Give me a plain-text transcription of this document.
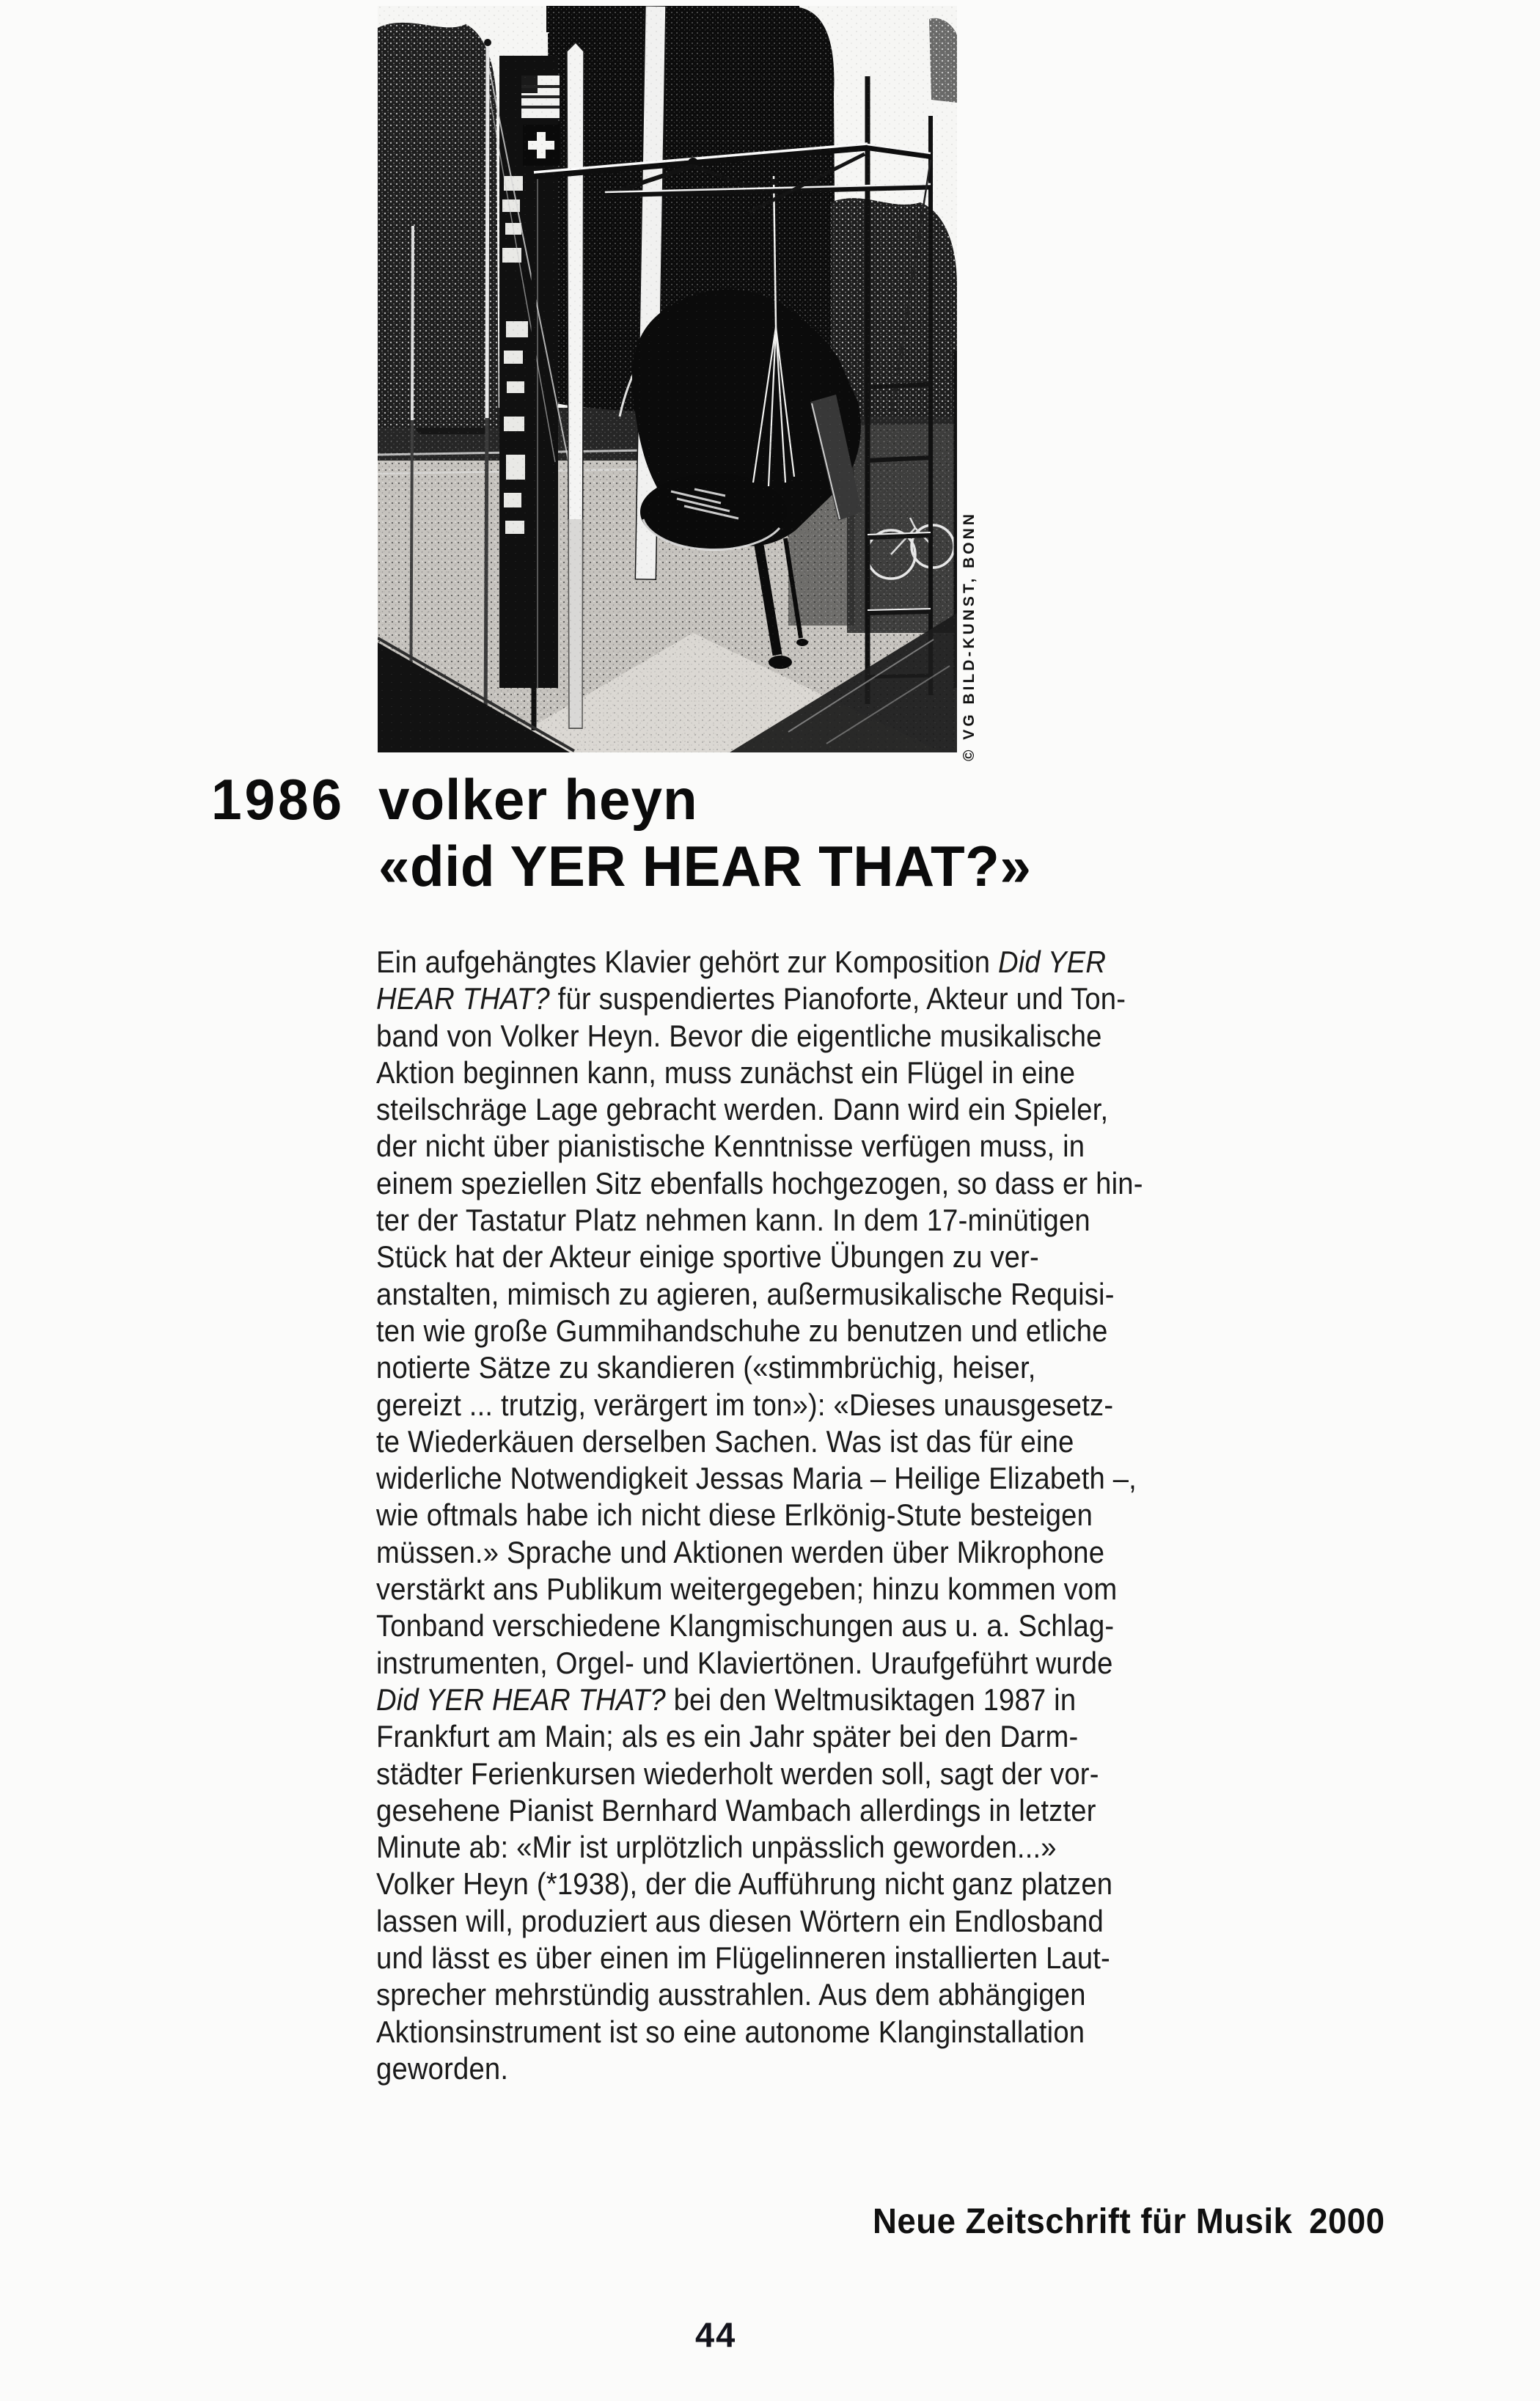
© VG BILD-KUNST, BONN
1986 volker heyn
«did YER HEAR THAT?»
Ein aufgehängtes Klavier gehört zur Komposition Did YER
HEAR THAT? für suspendiertes Pianoforte, Akteur und Ton-
band von Volker Heyn. Bevor die eigentliche musikalische
Aktion beginnen kann, muss zunächst ein Flügel in eine
steilschräge Lage gebracht werden. Dann wird ein Spieler,
der nicht über pianistische Kenntnisse verfügen muss, in
einem speziellen Sitz ebenfalls hochgezogen, so dass er hin-
ter der Tastatur Platz nehmen kann. In dem 17-minütigen
Stück hat der Akteur einige sportive Übungen zu ver-
anstalten, mimisch zu agieren, außermusikalische Requisi-
ten wie große Gummihandschuhe zu benutzen und etliche
notierte Sätze zu skandieren («stimmbrüchig, heiser,
gereizt ... trutzig, verärgert im ton»): «Dieses unausgesetz-
te Wiederkäuen derselben Sachen. Was ist das für eine
widerliche Notwendigkeit Jessas Maria – Heilige Elizabeth –,
wie oftmals habe ich nicht diese Erlkönig-Stute besteigen
müssen.» Sprache und Aktionen werden über Mikrophone
verstärkt ans Publikum weitergegeben; hinzu kommen vom
Tonband verschiedene Klangmischungen aus u. a. Schlag-
instrumenten, Orgel- und Klaviertönen. Uraufgeführt wurde
Did YER HEAR THAT? bei den Weltmusiktagen 1987 in
Frankfurt am Main; als es ein Jahr später bei den Darm-
städter Ferienkursen wiederholt werden soll, sagt der vor-
gesehene Pianist Bernhard Wambach allerdings in letzter
Minute ab: «Mir ist urplötzlich unpässlich geworden...»
Volker Heyn (*1938), der die Aufführung nicht ganz platzen
lassen will, produziert aus diesen Wörtern ein Endlosband
und lässt es über einen im Flügelinneren installierten Laut-
sprecher mehrstündig ausstrahlen. Aus dem abhängigen
Aktionsinstrument ist so eine autonome Klanginstallation
geworden.
Neue Zeitschrift für Musik 2000
44
